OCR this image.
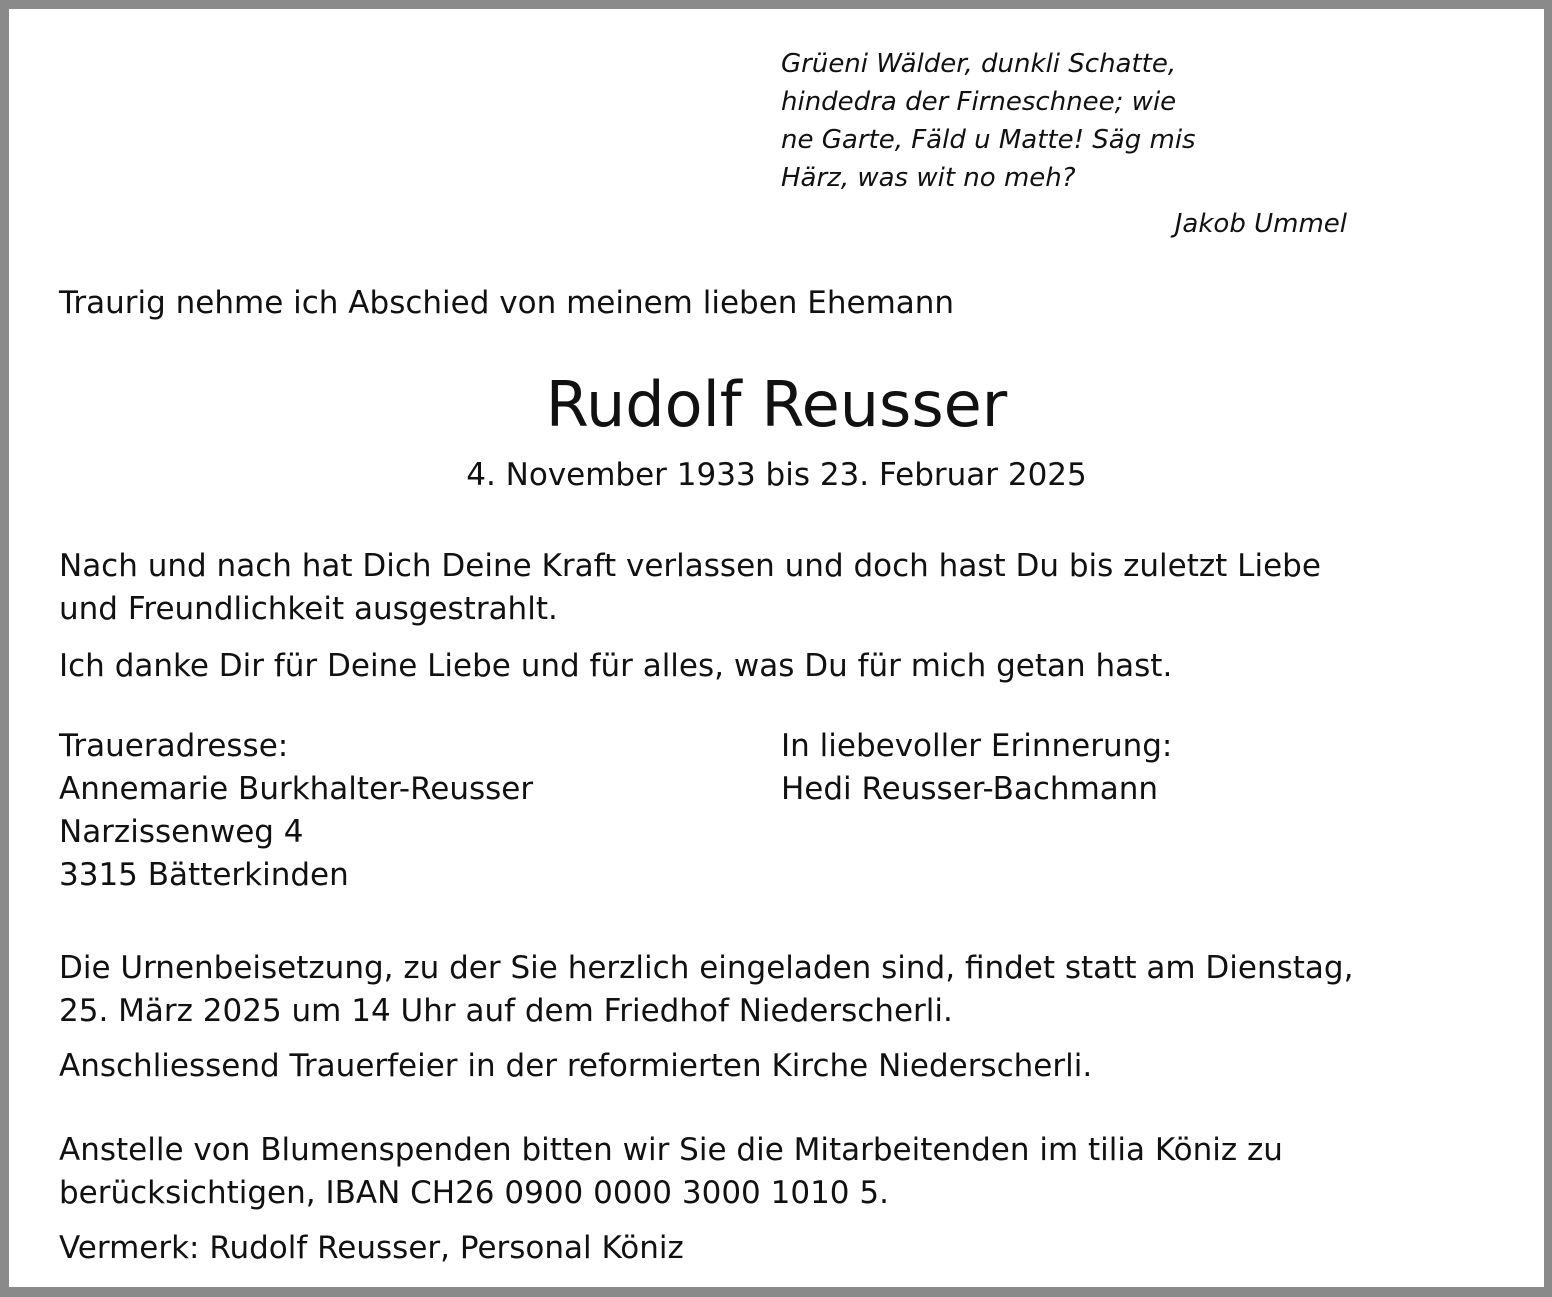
Grüeni Wälder, dunkli Schatte,
hindedra der Firneschnee; wie
ne Garte, Fäld u Matte! Säg mis
Härz, was wit no meh?
Jakob Ummel
Traurig nehme ich Abschied von meinem lieben Ehemann
Rudolf Reusser
4. November 1933 bis 23. Februar 2025
Nach und nach hat Dich Deine Kraft verlassen und doch hast Du bis zuletzt Liebe
und Freundlichkeit ausgestrahlt.
Ich danke Dir für Deine Liebe und für alles, was Du für mich getan hast.
Traueradresse:
Annemarie Burkhalter-Reusser
Narzissenweg 4
3315 Bätterkinden
In liebevoller Erinnerung:
Hedi Reusser-Bachmann
Die Urnenbeisetzung, zu der Sie herzlich eingeladen sind, findet statt am Dienstag,
25. März 2025 um 14 Uhr auf dem Friedhof Niederscherli.
Anschliessend Trauerfeier in der reformierten Kirche Niederscherli.
Anstelle von Blumenspenden bitten wir Sie die Mitarbeitenden im tilia Köniz zu
berücksichtigen, IBAN CH26 0900 0000 3000 1010 5.
Vermerk: Rudolf Reusser, Personal Köniz
